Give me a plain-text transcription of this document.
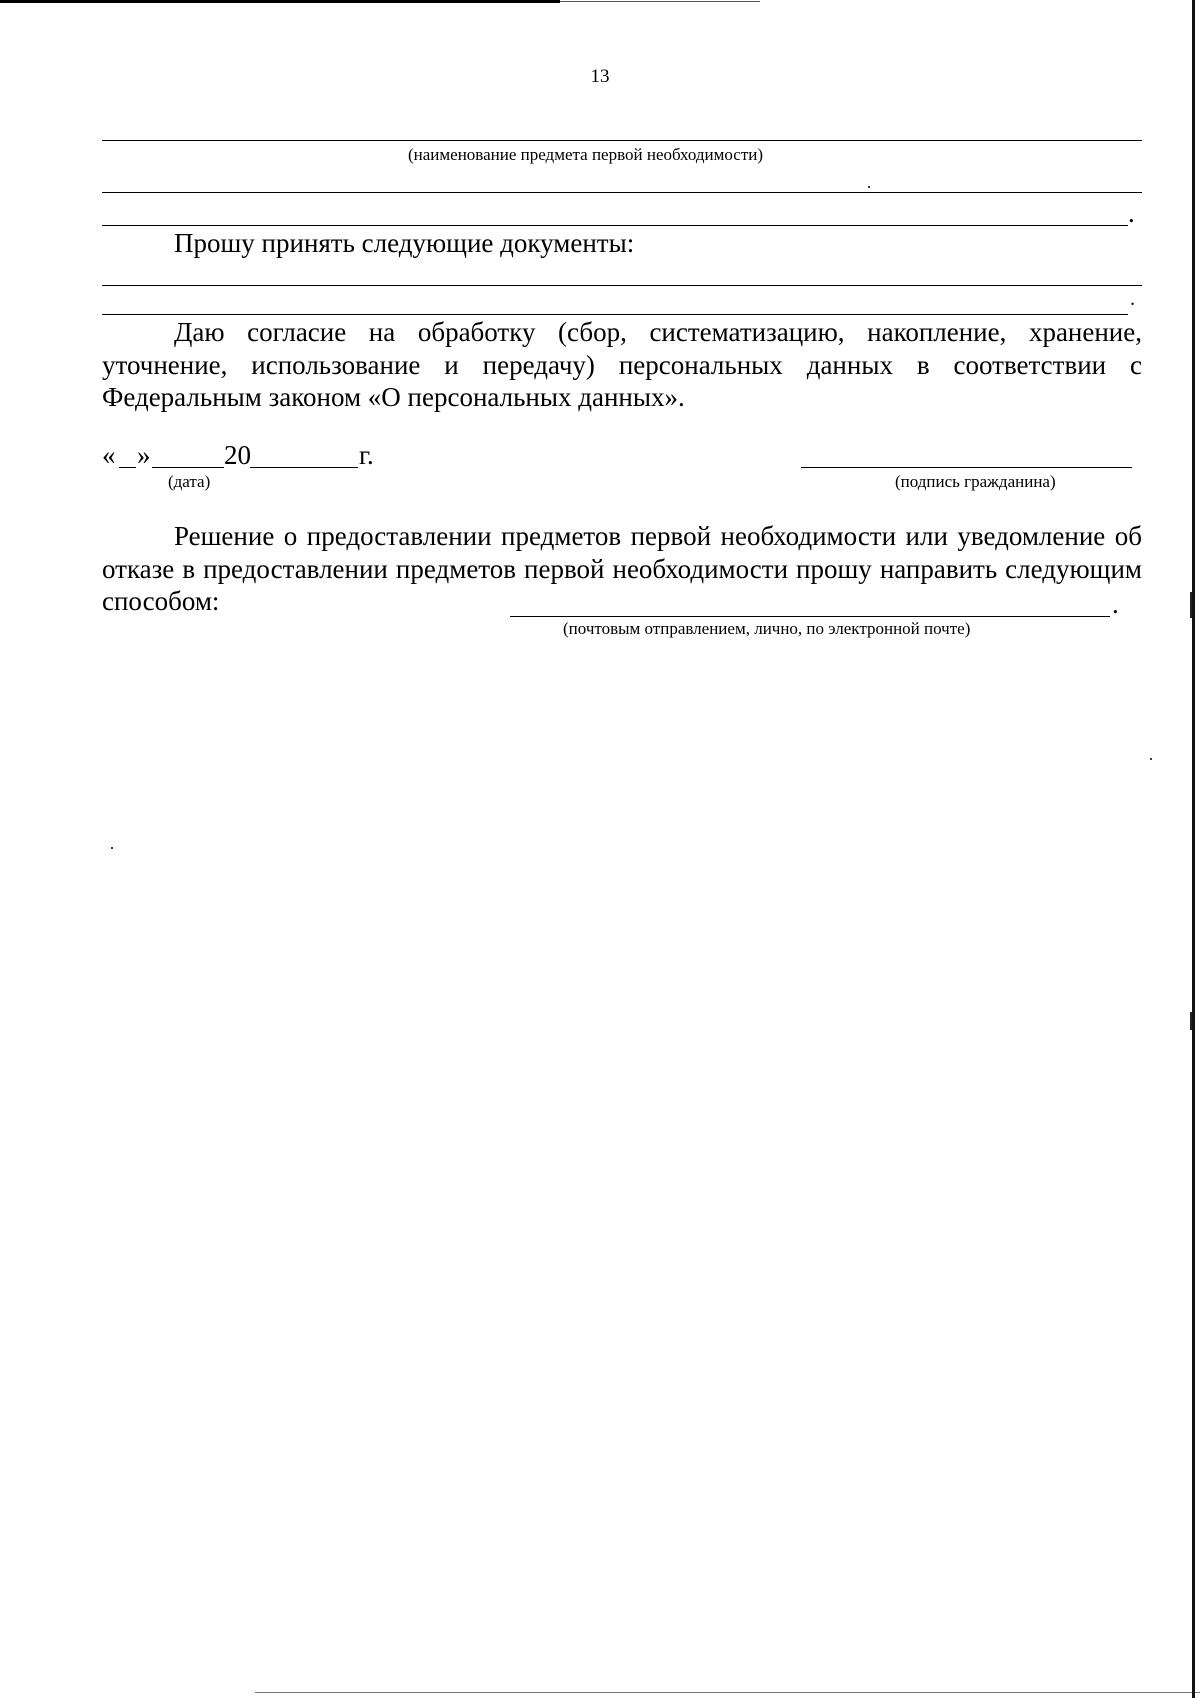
13
(наименование предмета первой необходимости)
.
Прошу принять следующие документы:
.

Даю согласие на обработку (сбор, систематизацию, накопление, хранение, уточнение, использование и передачу) персональных данных в соответствии с Федеральным законом «О персональных данных».

« »	20	г.
(дата)	(подпись гражданина)

Решение о предоставлении предметов первой необходимости или уведомление об отказе в предоставлении предметов первой необходимости прошу направить следующим способом:	.
(почтовым отправлением, лично, по электронной почте)
